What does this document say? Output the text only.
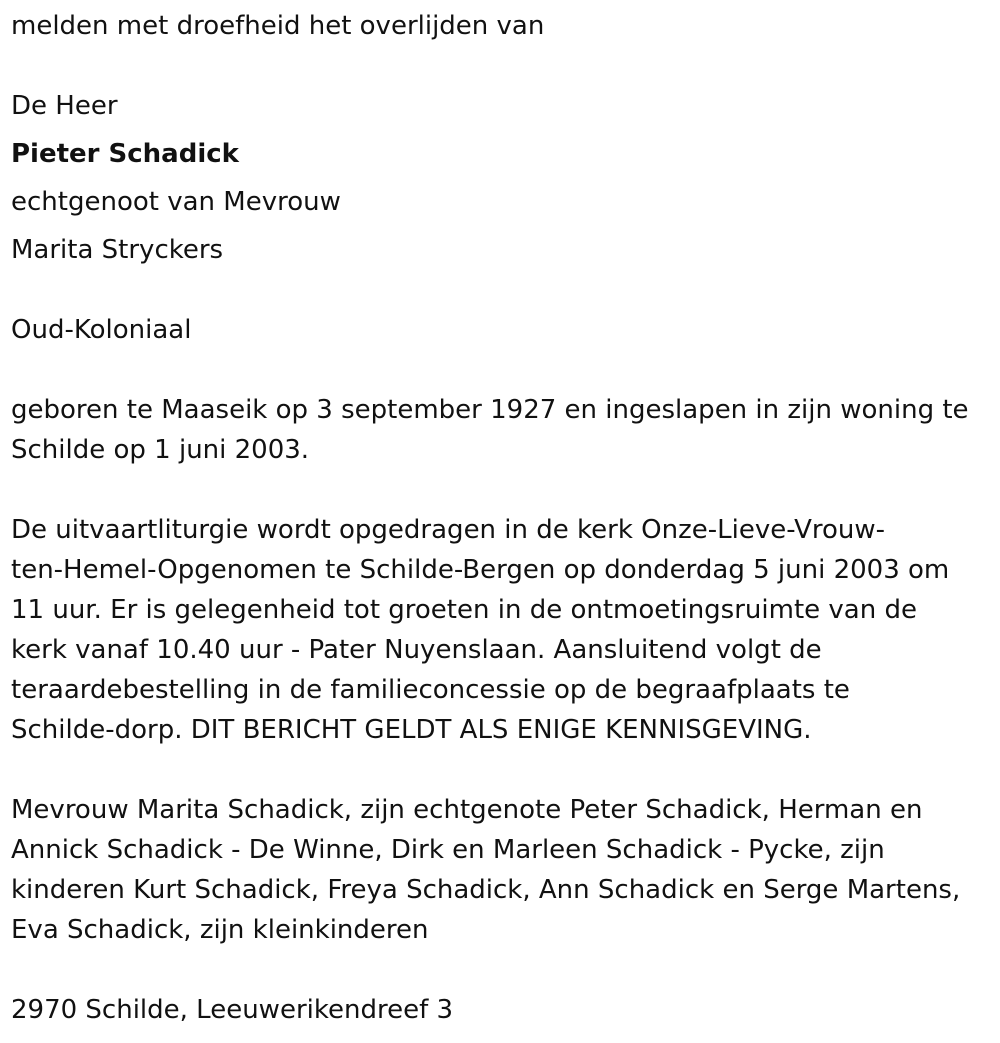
melden met droefheid het overlijden van
De Heer
Pieter Schadick
echtgenoot van Mevrouw
Marita Stryckers
Oud-Koloniaal
geboren te Maaseik op 3 september 1927 en ingeslapen in zijn woning te
Schilde op 1 juni 2003.
De uitvaartliturgie wordt opgedragen in de kerk Onze-Lieve-Vrouw-
ten-Hemel-Opgenomen te Schilde-Bergen op donderdag 5 juni 2003 om
11 uur. Er is gelegenheid tot groeten in de ontmoetingsruimte van de
kerk vanaf 10.40 uur - Pater Nuyenslaan. Aansluitend volgt de
teraardebestelling in de familieconcessie op de begraafplaats te
Schilde-dorp. DIT BERICHT GELDT ALS ENIGE KENNISGEVING.
Mevrouw Marita Schadick, zijn echtgenote Peter Schadick, Herman en
Annick Schadick - De Winne, Dirk en Marleen Schadick - Pycke, zijn
kinderen Kurt Schadick, Freya Schadick, Ann Schadick en Serge Martens,
Eva Schadick, zijn kleinkinderen
2970 Schilde, Leeuwerikendreef 3
